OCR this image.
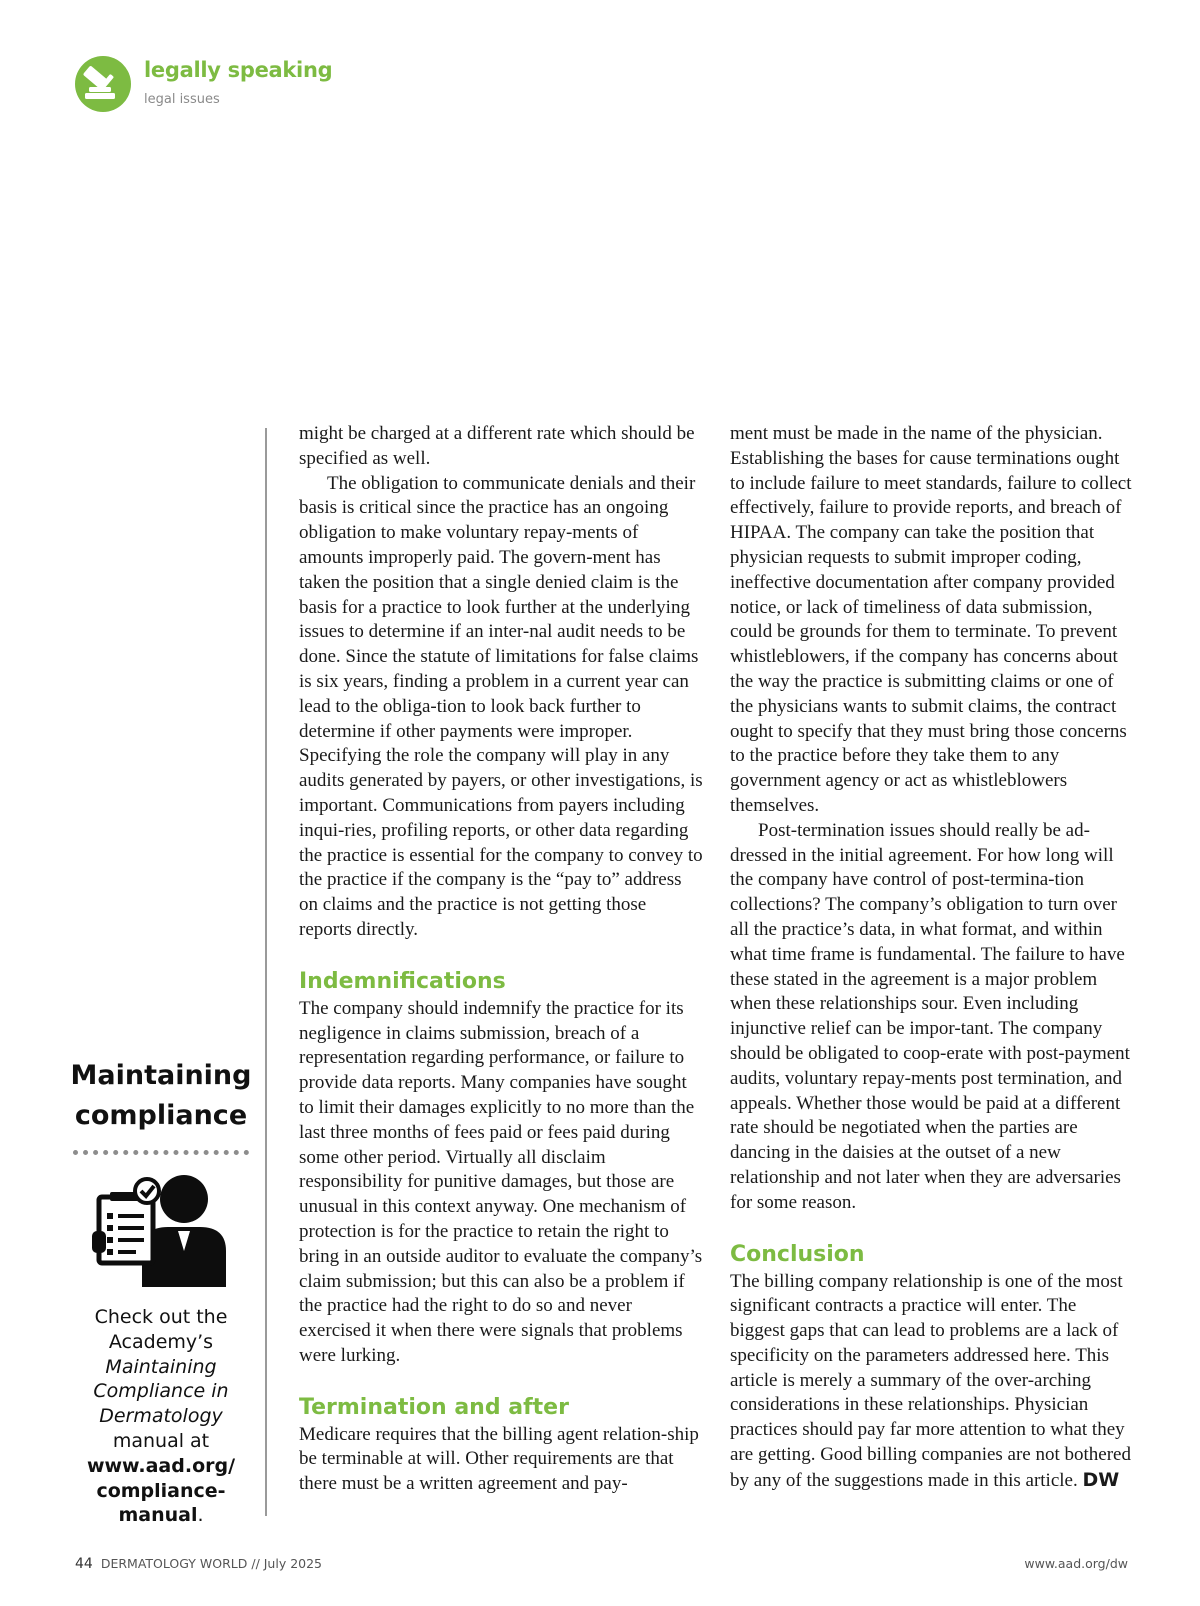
legally speaking
legal issues
Maintaining
compliance
Check out the Academy’s Maintaining Compliance in Dermatology manual at www.aad.org/ compliance- manual.

might be charged at a different rate which should be specified as well.

The obligation to communicate denials and their basis is critical since the practice has an ongoing obligation to make voluntary repay-ments of amounts improperly paid. The govern-ment has taken the position that a single denied claim is the basis for a practice to look further at the underlying issues to determine if an inter-nal audit needs to be done. Since the statute of limitations for false claims is six years, finding a problem in a current year can lead to the obliga-tion to look back further to determine if other payments were improper. Specifying the role the company will play in any audits generated by payers, or other investigations, is important. Communications from payers including inqui-ries, profiling reports, or other data regarding the practice is essential for the company to convey to the practice if the company is the “pay to” address on claims and the practice is not getting those reports directly.

Indemnifications

The company should indemnify the practice for its negligence in claims submission, breach of a representation regarding performance, or failure to provide data reports. Many companies have sought to limit their damages explicitly to no more than the last three months of fees paid or fees paid during some other period. Virtually all disclaim responsibility for punitive damages, but those are unusual in this context anyway. One mechanism of protection is for the practice to retain the right to bring in an outside auditor to evaluate the company’s claim submission; but this can also be a problem if the practice had the right to do so and never exercised it when there were signals that problems were lurking.

Termination and after

Medicare requires that the billing agent relation-ship be terminable at will. Other requirements are that there must be a written agreement and pay-

ment must be made in the name of the physician. Establishing the bases for cause terminations ought to include failure to meet standards, failure to collect effectively, failure to provide reports, and breach of HIPAA. The company can take the position that physician requests to submit improper coding, ineffective documentation after company provided notice, or lack of timeliness of data submission, could be grounds for them to terminate. To prevent whistleblowers, if the company has concerns about the way the practice is submitting claims or one of the physicians wants to submit claims, the contract ought to specify that they must bring those concerns to the practice before they take them to any government agency or act as whistleblowers themselves.

Post-termination issues should really be ad-dressed in the initial agreement. For how long will the company have control of post-termina-tion collections? The company’s obligation to turn over all the practice’s data, in what format, and within what time frame is fundamental. The failure to have these stated in the agreement is a major problem when these relationships sour. Even including injunctive relief can be impor-tant. The company should be obligated to coop-erate with post-payment audits, voluntary repay-ments post termination, and appeals. Whether those would be paid at a different rate should be negotiated when the parties are dancing in the daisies at the outset of a new relationship and not later when they are adversaries for some reason.

Conclusion

The billing company relationship is one of the most significant contracts a practice will enter. The biggest gaps that can lead to problems are a lack of specificity on the parameters addressed here. This article is merely a summary of the over-arching considerations in these relationships. Physician practices should pay far more attention to what they are getting. Good billing companies are not bothered by any of the suggestions made in this article. DW

44 DERMATOLOGY WORLD // July 2025	www.aad.org/dw
